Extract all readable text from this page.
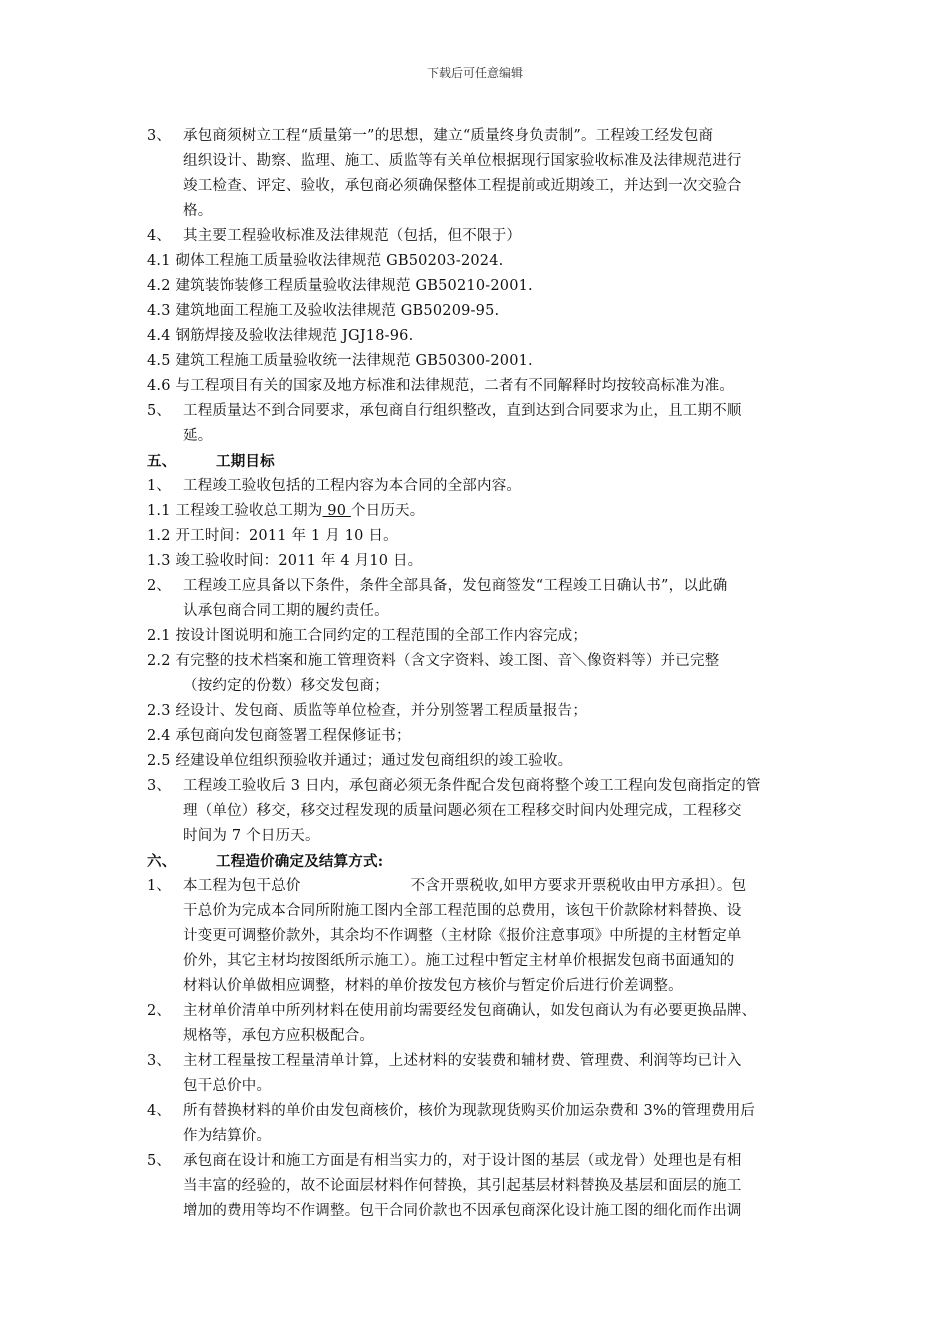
下载后可任意编辑
3、 承包商须树立工程“质量第一”的思想，建立“质量终身负责制”。工程竣工经发包商
组织设计、勘察、监理、施工、质监等有关单位根据现行国家验收标准及法律规范进行
竣工检查、评定、验收，承包商必须确保整体工程提前或近期竣工，并达到一次交验合
格。
4、 其主要工程验收标准及法律规范（包括，但不限于）
4.1 砌体工程施工质量验收法律规范 GB50203-2024.
4.2 建筑装饰装修工程质量验收法律规范 GB50210-2001.
4.3 建筑地面工程施工及验收法律规范 GB50209-95.
4.4 钢筋焊接及验收法律规范 JGJ18-96.
4.5 建筑工程施工质量验收统一法律规范 GB50300-2001.
4.6 与工程项目有关的国家及地方标准和法律规范，二者有不同解释时均按较高标准为准。
5、 工程质量达不到合同要求，承包商自行组织整改，直到达到合同要求为止，且工期不顺
延。
五、	工期目标
1、 工程竣工验收包括的工程内容为本合同的全部内容。
1.1 工程竣工验收总工期为 90 个日历天。
1.2 开工时间：2011 年 1 月 10 日。
1.3 竣工验收时间：2011 年 4 月10 日。
2、 工程竣工应具备以下条件，条件全部具备，发包商签发“工程竣工日确认书”，以此确
认承包商合同工期的履约责任。
2.1 按设计图说明和施工合同约定的工程范围的全部工作内容完成；
2.2 有完整的技术档案和施工管理资料（含文字资料、竣工图、音＼像资料等）并已完整
（按约定的份数）移交发包商；
2.3 经设计、发包商、质监等单位检查，并分别签署工程质量报告；
2.4 承包商向发包商签署工程保修证书；
2.5 经建设单位组织预验收并通过；通过发包商组织的竣工验收。
3、 工程竣工验收后 3 日内，承包商必须无条件配合发包商将整个竣工工程向发包商指定的管
理（单位）移交，移交过程发现的质量问题必须在工程移交时间内处理完成，工程移交
时间为 7 个日历天。
六、	工程造价确定及结算方式:
1、 本工程为包干总价	不含开票税收,如甲方要求开票税收由甲方承担）。包
干总价为完成本合同所附施工图内全部工程范围的总费用，该包干价款除材料替换、设
计变更可调整价款外，其余均不作调整（主材除《报价注意事项》中所提的主材暂定单
价外，其它主材均按图纸所示施工）。施工过程中暂定主材单价根据发包商书面通知的
材料认价单做相应调整，材料的单价按发包方核价与暂定价后进行价差调整。
2、 主材单价清单中所列材料在使用前均需要经发包商确认，如发包商认为有必要更换品牌、
规格等，承包方应积极配合。
3、 主材工程量按工程量清单计算，上述材料的安装费和辅材费、管理费、利润等均已计入
包干总价中。
4、 所有替换材料的单价由发包商核价，核价为现款现货购买价加运杂费和 3%的管理费用后
作为结算价。
5、 承包商在设计和施工方面是有相当实力的，对于设计图的基层（或龙骨）处理也是有相
当丰富的经验的，故不论面层材料作何替换，其引起基层材料替换及基层和面层的施工
增加的费用等均不作调整。包干合同价款也不因承包商深化设计施工图的细化而作出调
